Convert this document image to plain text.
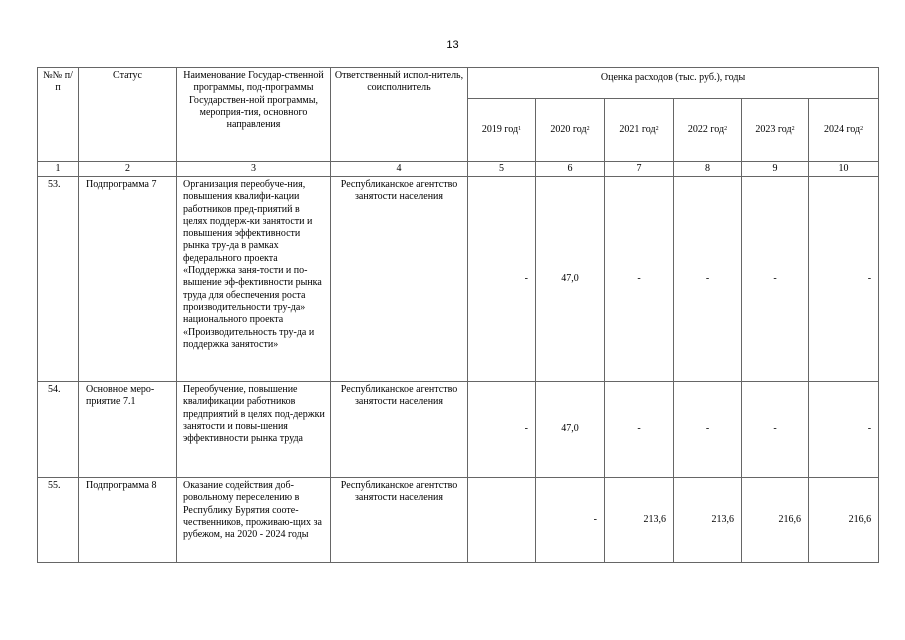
13
№№ п/п	Статус	Наименование Государ-ственной программы, под-программы Государствен-ной программы, мероприя-тия, основного направления	Ответственный испол-нитель, соисполнитель	Оценка расходов (тыс. руб.), годы					
				2019 год$^1$	2020 год$^2$	2021 год$^2$	2022 год$^2$	2023 год$^2$	2024 год$^2$
1	2	3	4	5	6	7	8	9	10
53.	Подпрограмма 7	Организация переобуче-ния, повышения квалифи-кации работников пред-приятий в целях поддерж-ки занятости и повышения эффективности рынка тру-да в рамках федерального проекта «Поддержка заня-тости и по-вышение эф-фективности рынка труда для обеспечения роста производительности тру-да» национального проекта «Производительность тру-да и поддержка занятости»	Республиканское агентство занятости населения	-	47,0	-	-	-	-
54.	Основное меро-приятие 7.1	Переобучение, повышение квалификации работников предприятий в целях под-держки занятости и повы-шения эффективности рынка труда	Республиканское агентство занятости населения	-	47,0	-	-	-	-
55.	Подпрограмма 8	Оказание содействия доб-ровольному переселению в Республику Бурятия сооте-чественников, проживаю-щих за рубежом, на 2020 - 2024 годы	Республиканское агентство занятости населения		-	213,6	213,6	216,6	216,6
